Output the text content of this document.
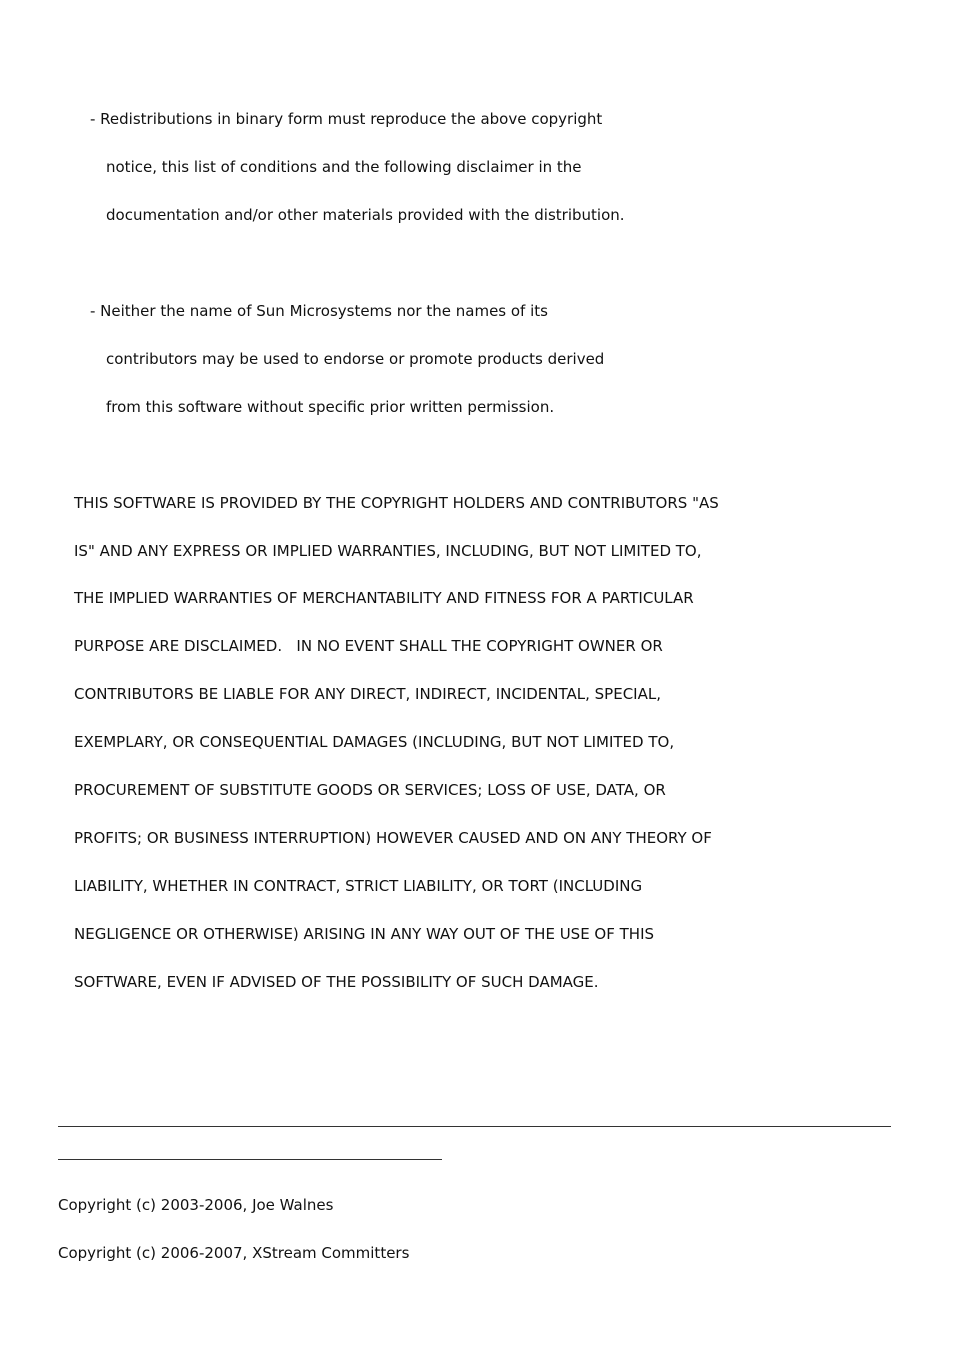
- Redistributions in binary form must reproduce the above copyright

notice, this list of conditions and the following disclaimer in the

documentation and/or other materials provided with the distribution.

- Neither the name of Sun Microsystems nor the names of its

contributors may be used to endorse or promote products derived

from this software without specific prior written permission.

THIS SOFTWARE IS PROVIDED BY THE COPYRIGHT HOLDERS AND CONTRIBUTORS "AS

IS" AND ANY EXPRESS OR IMPLIED WARRANTIES, INCLUDING, BUT NOT LIMITED TO,

THE IMPLIED WARRANTIES OF MERCHANTABILITY AND FITNESS FOR A PARTICULAR

PURPOSE ARE DISCLAIMED.   IN NO EVENT SHALL THE COPYRIGHT OWNER OR

CONTRIBUTORS BE LIABLE FOR ANY DIRECT, INDIRECT, INCIDENTAL, SPECIAL,

EXEMPLARY, OR CONSEQUENTIAL DAMAGES (INCLUDING, BUT NOT LIMITED TO,

PROCUREMENT OF SUBSTITUTE GOODS OR SERVICES; LOSS OF USE, DATA, OR

PROFITS; OR BUSINESS INTERRUPTION) HOWEVER CAUSED AND ON ANY THEORY OF

LIABILITY, WHETHER IN CONTRACT, STRICT LIABILITY, OR TORT (INCLUDING

NEGLIGENCE OR OTHERWISE) ARISING IN ANY WAY OUT OF THE USE OF THIS

SOFTWARE, EVEN IF ADVISED OF THE POSSIBILITY OF SUCH DAMAGE.

Copyright (c) 2003-2006, Joe Walnes

Copyright (c) 2006-2007, XStream Committers
